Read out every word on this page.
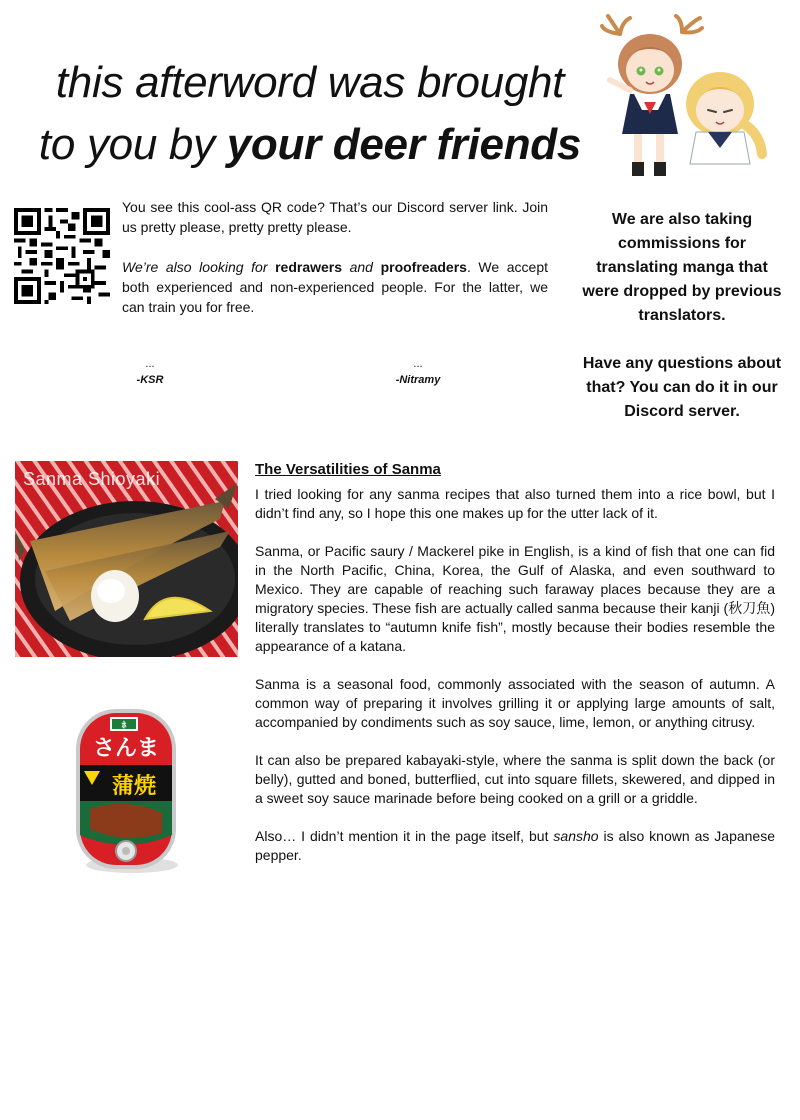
this afterword was brought
to you by your deer friends

You see this cool-ass QR code? That’s our Discord server link. Join us pretty please, pretty pretty please.

We’re also looking for redrawers and proofreaders. We accept both experienced and non-experienced people. For the latter, we can train you for free.

...
-KSR
...
-Nitramy

We are also taking commissions for translating manga that were dropped by previous translators.

Have any questions about that? You can do it in our Discord server.

Sanma Shioyaki
さんま
蒲焼
ﾎ
The Versatilities of Sanma

I tried looking for any sanma recipes that also turned them into a rice bowl, but I didn’t find any, so I hope this one makes up for the utter lack of it.

Sanma, or Pacific saury / Mackerel pike in English, is a kind of fish that one can fid in the North Pacific, China, Korea, the Gulf of Alaska, and even southward to Mexico. They are capable of reaching such faraway places because they are a migratory species. These fish are actually called sanma because their kanji (秋刀魚) literally translates to “autumn knife fish”, mostly because their bodies resemble the appearance of a katana.

Sanma is a seasonal food, commonly associated with the season of autumn. A common way of preparing it involves grilling it or applying large amounts of salt, accompanied by condiments such as soy sauce, lime, lemon, or anything citrusy.

It can also be prepared kabayaki-style, where the sanma is split down the back (or belly), gutted and boned, butterflied, cut into square fillets, skewered, and dipped in a sweet soy sauce marinade before being cooked on a grill or a griddle.

Also… I didn’t mention it in the page itself, but sansho is also known as Japanese pepper.
